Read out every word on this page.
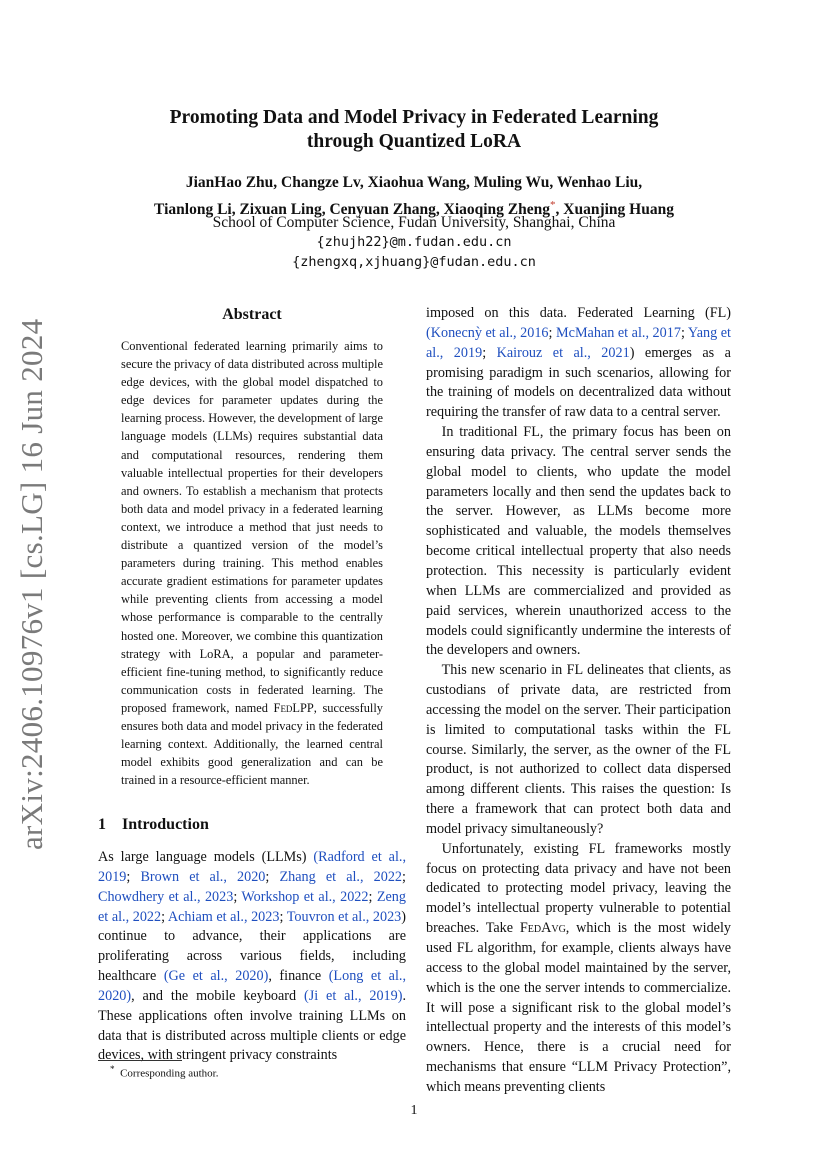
arXiv:2406.10976v1 [cs.LG] 16 Jun 2024
Promoting Data and Model Privacy in Federated Learning
through Quantized LoRA
JianHao Zhu, Changze Lv, Xiaohua Wang, Muling Wu, Wenhao Liu,
Tianlong Li, Zixuan Ling, Cenyuan Zhang, Xiaoqing Zheng*, Xuanjing Huang
School of Computer Science, Fudan University, Shanghai, China
{zhujh22}@m.fudan.edu.cn
{zhengxq,xjhuang}@fudan.edu.cn
Abstract
Conventional federated learning primarily aims to secure the privacy of data distributed across multiple edge devices, with the global model dispatched to edge devices for parameter updates during the learning process. However, the development of large language models (LLMs) requires substantial data and computational resources, rendering them valuable intellectual properties for their developers and owners. To establish a mechanism that protects both data and model privacy in a federated learning context, we introduce a method that just needs to distribute a quantized version of the model’s parameters during training. This method enables accurate gradient estimations for parameter updates while preventing clients from accessing a model whose performance is comparable to the centrally hosted one. Moreover, we combine this quantization strategy with LoRA, a popular and parameter-efficient fine-tuning method, to significantly reduce communication costs in federated learning. The proposed framework, named FedLPP, successfully ensures both data and model privacy in the federated learning context. Additionally, the learned central model exhibits good generalization and can be trained in a resource-efficient manner.
1 Introduction

As large language models (LLMs) (Radford et al., 2019; Brown et al., 2020; Zhang et al., 2022; Chowdhery et al., 2023; Workshop et al., 2022; Zeng et al., 2022; Achiam et al., 2023; Touvron et al., 2023) continue to advance, their applications are proliferating across various fields, including healthcare (Ge et al., 2020), finance (Long et al., 2020), and the mobile keyboard (Ji et al., 2019). These applications often involve training LLMs on data that is distributed across multiple clients or edge devices, with stringent privacy constraints

imposed on this data. Federated Learning (FL) (Konecnỳ et al., 2016; McMahan et al., 2017; Yang et al., 2019; Kairouz et al., 2021) emerges as a promising paradigm in such scenarios, allowing for the training of models on decentralized data without requiring the transfer of raw data to a central server.

In traditional FL, the primary focus has been on ensuring data privacy. The central server sends the global model to clients, who update the model parameters locally and then send the updates back to the server. However, as LLMs become more sophisticated and valuable, the models themselves become critical intellectual property that also needs protection. This necessity is particularly evident when LLMs are commercialized and provided as paid services, wherein unauthorized access to the models could significantly undermine the interests of the developers and owners.

This new scenario in FL delineates that clients, as custodians of private data, are restricted from accessing the model on the server. Their participation is limited to computational tasks within the FL course. Similarly, the server, as the owner of the FL product, is not authorized to collect data dispersed among different clients. This raises the question: Is there a framework that can protect both data and model privacy simultaneously?

Unfortunately, existing FL frameworks mostly focus on protecting data privacy and have not been dedicated to protecting model privacy, leaving the model’s intellectual property vulnerable to potential breaches. Take FedAvg, which is the most widely used FL algorithm, for example, clients always have access to the global model maintained by the server, which is the one the server intends to commercialize. It will pose a significant risk to the global model’s intellectual property and the interests of this model’s owners. Hence, there is a crucial need for mechanisms that ensure “LLM Privacy Protection”, which means preventing clients

* Corresponding author.
1
